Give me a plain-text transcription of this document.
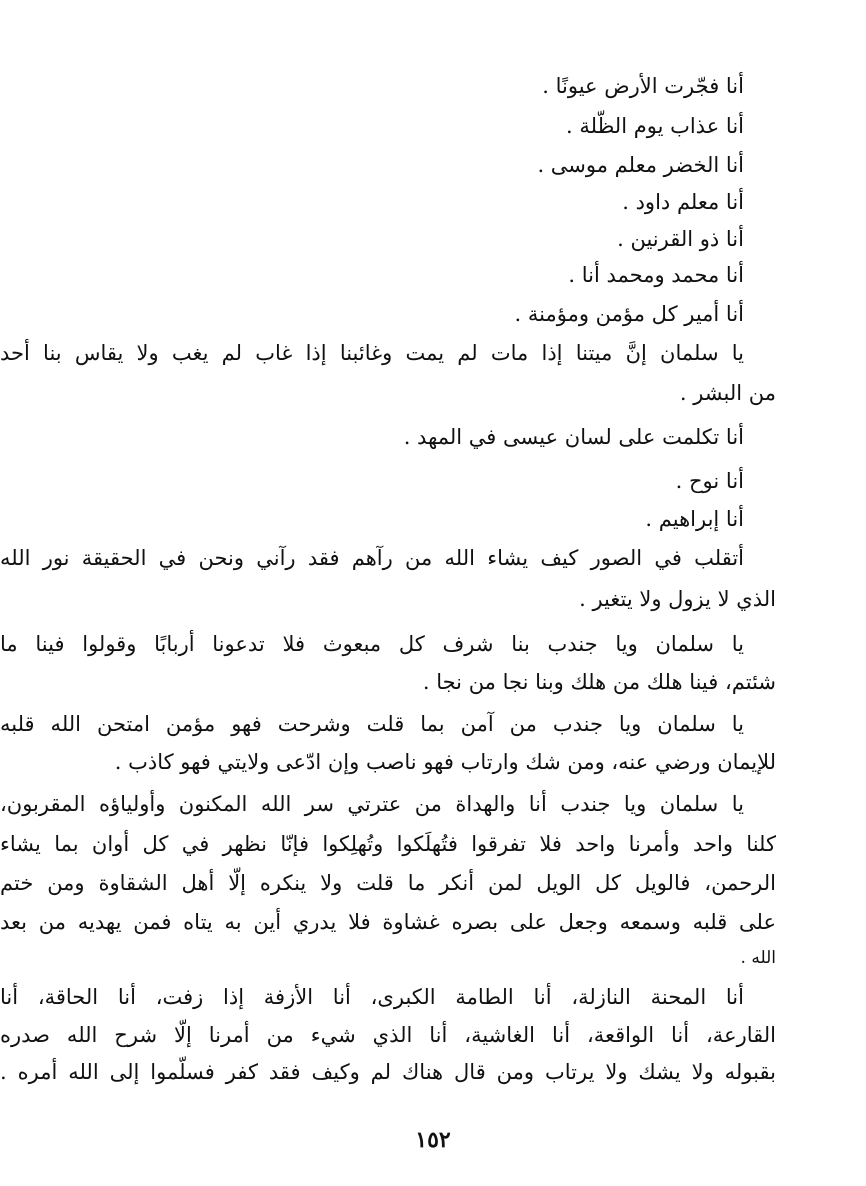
أنا فجّرت الأرض عيونًا .
أنا عذاب يوم الظّلة .
أنا الخضر معلم موسى .
أنا معلم داود .
أنا ذو القرنين .
أنا محمد ومحمد أنا .
أنا أمير كل مؤمن ومؤمنة .
يا سلمان إنَّ ميتنا إذا مات لم يمت وغائبنا إذا غاب لم يغب ولا يقاس بنا أحد
من البشر .
أنا تكلمت على لسان عيسى في المهد .
أنا نوح .
أنا إبراهيم .
أتقلب في الصور كيف يشاء الله من رآهم فقد رآني ونحن في الحقيقة نور الله
الذي لا يزول ولا يتغير .
يا سلمان ويا جندب بنا شرف كل مبعوث فلا تدعونا أربابًا وقولوا فينا ما
شئتم، فينا هلك من هلك وبنا نجا من نجا .
يا سلمان ويا جندب من آمن بما قلت وشرحت فهو مؤمن امتحن الله قلبه
للإيمان ورضي عنه، ومن شك وارتاب فهو ناصب وإن ادّعى ولايتي فهو كاذب .
يا سلمان ويا جندب أنا والهداة من عترتي سر الله المكنون وأولياؤه المقربون،
كلنا واحد وأمرنا واحد فلا تفرقوا فتُهلَكوا وتُهلِكوا فإنّا نظهر في كل أوان بما يشاء
الرحمن، فالويل كل الويل لمن أنكر ما قلت ولا ينكره إلّا أهل الشقاوة ومن ختم
على قلبه وسمعه وجعل على بصره غشاوة فلا يدري أين به يتاه فمن يهديه من بعد
الله .
أنا المحنة النازلة، أنا الطامة الكبرى، أنا الأزفة إذا زفت، أنا الحاقة، أنا
القارعة، أنا الواقعة، أنا الغاشية، أنا الذي شيء من أمرنا إلّا شرح الله صدره
بقبوله ولا يشك ولا يرتاب ومن قال هناك لم وكيف فقد كفر فسلّموا إلى الله أمره .
١٥٢
